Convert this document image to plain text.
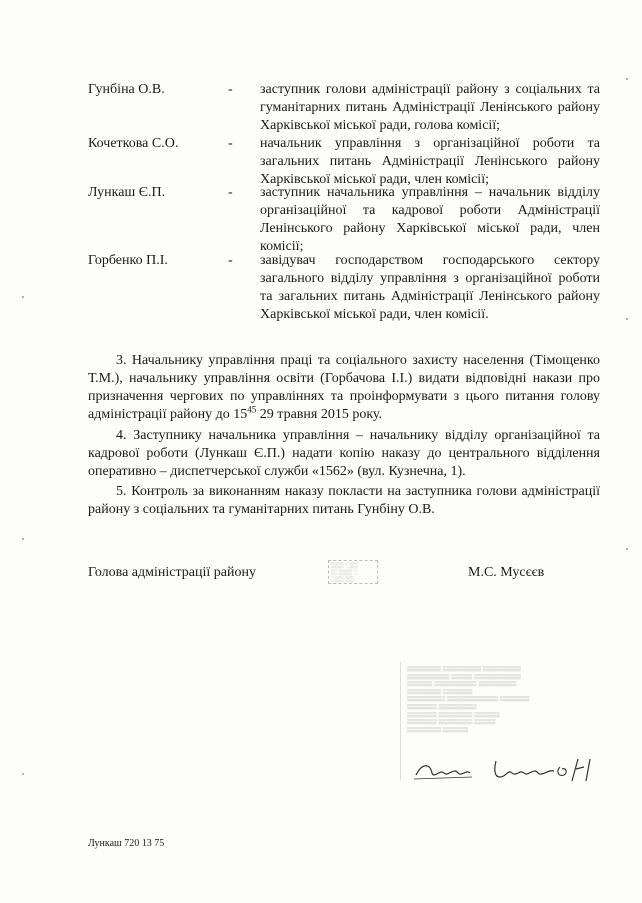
Гунбіна О.В.	- заступник голови адміністрації району з соціальних та гуманітарних питань Адміністрації Ленінського району Харківської міської ради, голова комісії;
Кочеткова С.О.	- начальник управління з організаційної роботи та загальних питань Адміністрації Ленінського району Харківської міської ради, член комісії;
Лункаш Є.П.	- заступник начальника управління – начальник відділу організаційної та кадрової роботи Адміністрації Ленінського району Харківської міської ради, член комісії;
Горбенко П.І.	- завідувач господарством господарського сектору загального відділу управління з організаційної роботи та загальних питань Адміністрації Ленінського району Харківської міської ради, член комісії.
3. Начальнику управління праці та соціального захисту населення (Тімощенко Т.М.), начальнику управління освіти (Горбачова І.І.) видати відповідні накази про призначення чергових по управліннях та проінформувати з цього питання голову адміністрації району до $15^{45}$ 29 травня 2015 року.
4. Заступнику начальника управління – начальнику відділу організаційної та кадрової роботи (Лункаш Є.П.) надати копію наказу до центрального відділення оперативно – диспетчерської служби «1562» (вул. Кузнечна, 1).
5. Контроль за виконанням наказу покласти на заступника голови адміністрації району з соціальних та гуманітарних питань Гунбіну О.В.
Голова адміністрації району	▒▒▒ ░▒▒
▒░▒▒▒ ░
░▒▒ ▒▒	М.С. Мусєєв
▒▒▒▒▒▒▒▒ ▒▒▒▒▒▒▒▒▒ ▒▒▒▒▒▒▒▒▒
▒▒▒▒▒▒▒▒▒▒ ▒▒▒▒▒ ▒▒▒▒▒▒▒▒▒▒▒
▒▒▒▒▒▒ ▒▒▒▒▒▒▒▒▒▒ ▒▒▒▒▒▒▒▒▒
▒▒▒▒▒▒▒▒ ▒▒▒▒▒▒▒
▒▒▒▒▒▒▒▒▒ ▒▒▒▒▒▒▒▒▒▒▒▒ ▒▒▒▒▒▒▒
▒▒▒▒▒▒▒ ▒▒▒▒▒▒▒▒▒
▒▒▒▒▒▒▒ ▒▒▒▒▒▒▒▒ ▒▒▒▒▒▒
▒▒▒▒▒▒▒ ▒▒▒▒▒▒▒▒ ▒▒▒▒▒
▒▒▒▒▒▒▒▒ ▒▒▒▒▒▒
Лункаш 720 13 75
